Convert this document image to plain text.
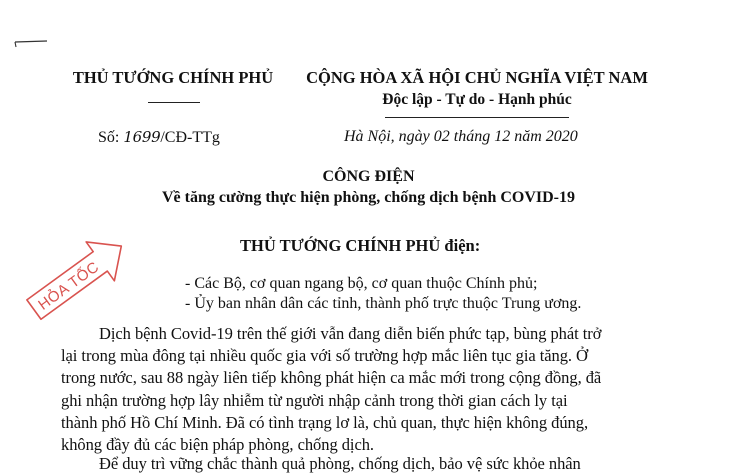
THỦ TƯỚNG CHÍNH PHỦ	CỘNG HÒA XÃ HỘI CHỦ NGHĨA VIỆT NAM
Độc lập - Tự do - Hạnh phúc
Số: 1699/CĐ-TTg	Hà Nội, ngày 02 tháng 12 năm 2020
CÔNG ĐIỆN
Về tăng cường thực hiện phòng, chống dịch bệnh COVID-19
HỎA TỐC
THỦ TƯỚNG CHÍNH PHỦ điện:
- Các Bộ, cơ quan ngang bộ, cơ quan thuộc Chính phủ;
- Ủy ban nhân dân các tỉnh, thành phố trực thuộc Trung ương.
Dịch bệnh Covid-19 trên thế giới vẫn đang diễn biến phức tạp, bùng phát trở
lại trong mùa đông tại nhiều quốc gia với số trường hợp mắc liên tục gia tăng. Ở
trong nước, sau 88 ngày liên tiếp không phát hiện ca mắc mới trong cộng đồng, đã
ghi nhận trường hợp lây nhiễm từ người nhập cảnh trong thời gian cách ly tại
thành phố Hồ Chí Minh. Đã có tình trạng lơ là, chủ quan, thực hiện không đúng,
không đầy đủ các biện pháp phòng, chống dịch.
Để duy trì vững chắc thành quả phòng, chống dịch, bảo vệ sức khỏe nhân
